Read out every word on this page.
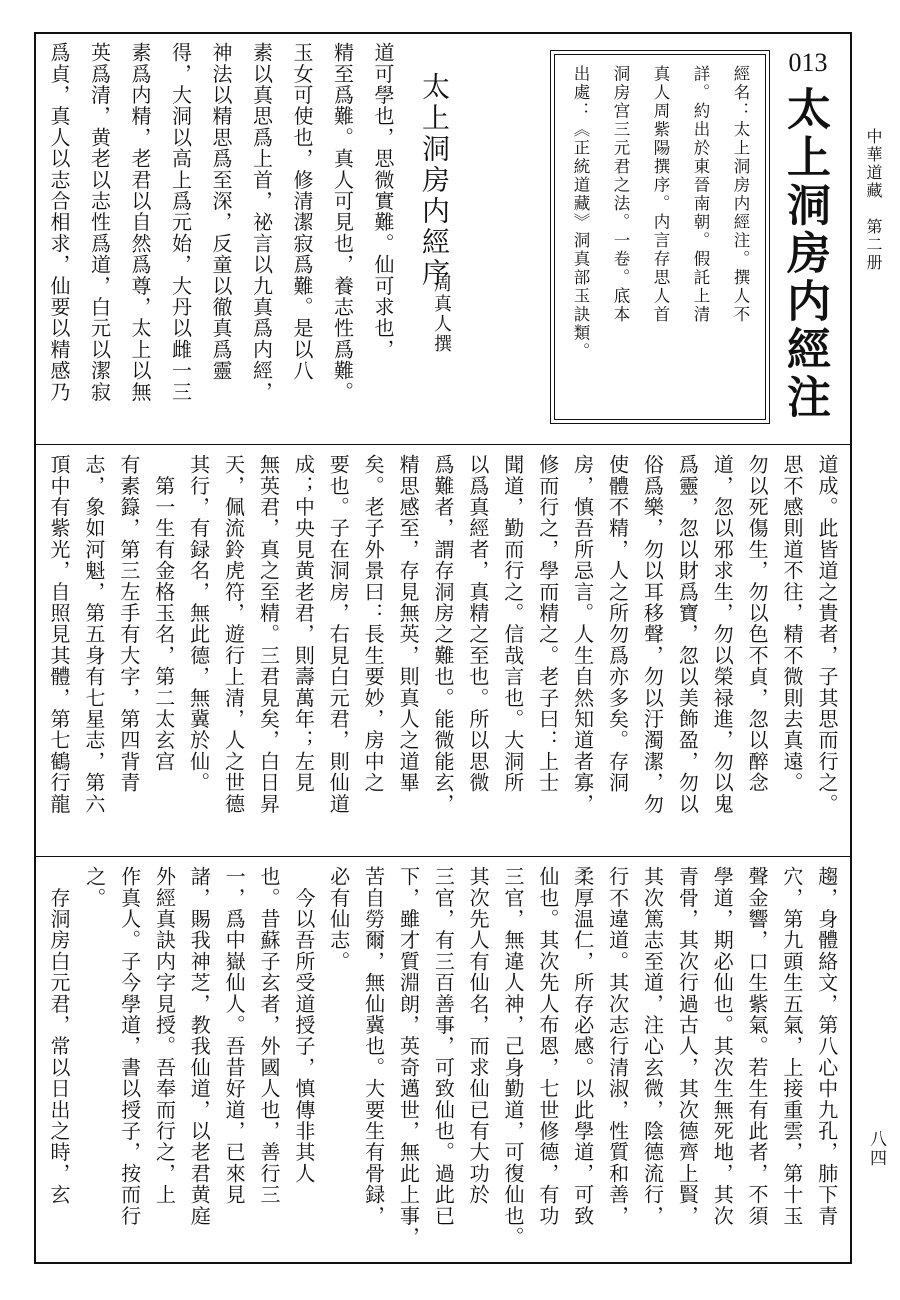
013
太上洞房内經注
經名：太上洞房内經注。撰人不
詳。約出於東晉南朝。假託上清
真人周紫陽撰序。内言存思人首
洞房宫三元君之法。一卷。底本
出處：《正統道藏》洞真部玉訣類。
太上洞房内經序
周真人撰
道可學也，思微實難。仙可求也，
精至爲難。真人可見也，養志性爲難。
玉女可使也，修清潔寂爲難。是以八
素以真思爲上首，祕言以九真爲内經，
神法以精思爲至深，反童以徹真爲靈
得，大洞以高上爲元始，大丹以雌一三
素爲内精，老君以自然爲尊，太上以無
英爲清，黄老以志性爲道，白元以潔寂
爲貞，真人以志合相求，仙要以精感乃
道成。此皆道之貴者，子其思而行之。
思不感則道不往，精不微則去真遠。
勿以死傷生，勿以色不貞，忽以醉念
道，忽以邪求生，勿以榮禄進，勿以鬼
爲靈，忽以財爲寶，忽以美飾盈，勿以
俗爲樂，勿以耳移聲，勿以汙濁潔，勿
使體不精，人之所勿爲亦多矣。存洞
房，慎吾所忌言。人生自然知道者寡，
修而行之，學而精之。老子曰：上士
聞道，勤而行之。信哉言也。大洞所
以爲真經者，真精之至也。所以思微
爲難者，謂存洞房之難也。能微能玄，
精思感至，存見無英，則真人之道畢
矣。老子外景曰：長生要妙，房中之
要也。子在洞房，右見白元君，則仙道
成；中央見黄老君，則壽萬年；左見
無英君，真之至精。三君見矣，白日昇
天，佩流鈴虎符，遊行上清，人之世德
其行，有録名，無此德，無冀於仙。
　第一生有金格玉名，第二太玄宫
有素籙，第三左手有大字，第四背青
志，象如河魁，第五身有七星志，第六
頂中有紫光，自照見其體，第七鶴行龍
趨，身體絡文，第八心中九孔，肺下青
穴，第九頭生五氣，上接重雲，第十玉
聲金響，口生紫氣。若生有此者，不須
學道，期必仙也。其次生無死地，其次
青骨，其次行過古人，其次德齊上賢，
其次篤志至道，注心玄微，陰德流行，
行不違道。其次志行清淑，性質和善，
柔厚温仁，所存必感。以此學道，可致
仙也。其次先人布恩，七世修德，有功
三官，無違人神，己身勤道，可復仙也。
其次先人有仙名，而求仙已有大功於
三官，有三百善事，可致仙也。過此已
下，雖才質淵朗，英奇邁世，無此上事，
苦自勞爾，無仙冀也。大要生有骨録，
必有仙志。
　今以吾所受道授子，慎傳非其人
也。昔蘇子玄者，外國人也，善行三
一，爲中嶽仙人。吾昔好道，已來見
諸，賜我神芝，教我仙道，以老君黄庭
外經真訣内字見授。吾奉而行之，上
作真人。子今學道，書以授子，按而行
之。
　存洞房白元君，常以日出之時，玄
中華道藏　第二册
八四
